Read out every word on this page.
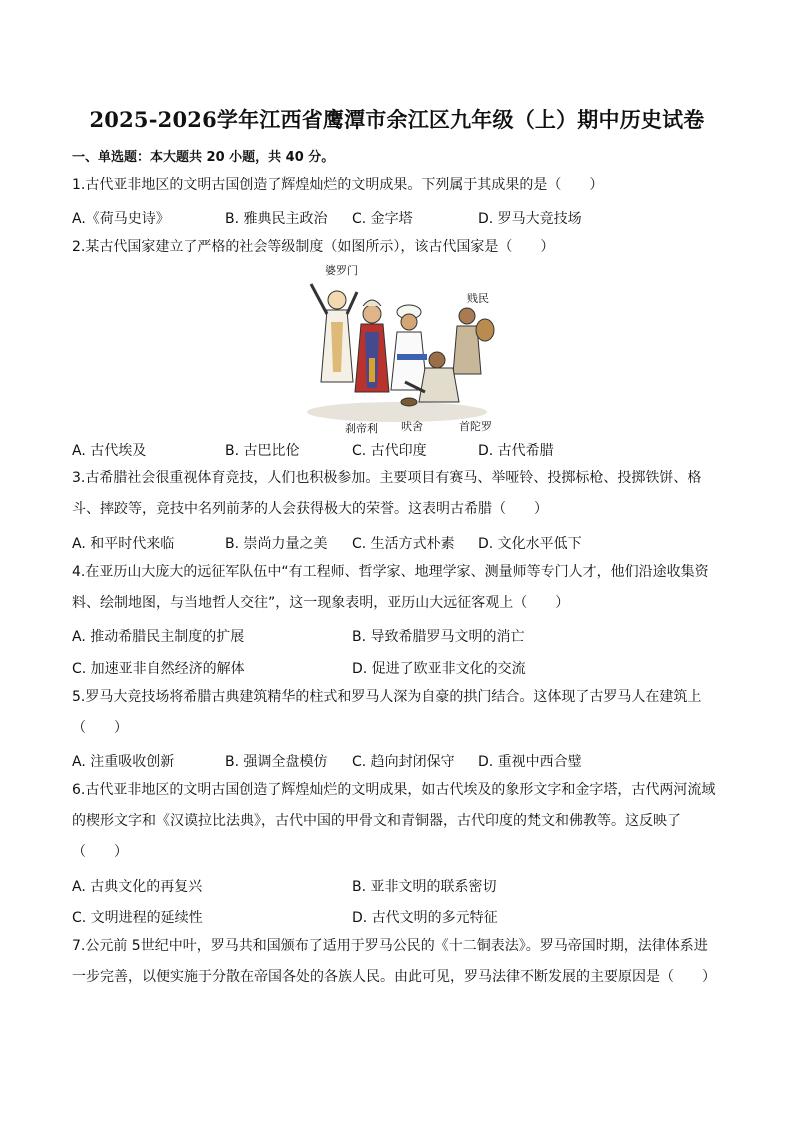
2025-2026学年江西省鹰潭市余江区九年级（上）期中历史试卷
一、单选题：本大题共 20 小题，共 40 分。
1.古代亚非地区的文明古国创造了辉煌灿烂的文明成果。下列属于其成果的是（　　）
A.《荷马史诗》	B. 雅典民主政治 C. 金字塔	D. 罗马大竞技场
2.某古代国家建立了严格的社会等级制度（如图所示），该古代国家是（　　）
婆罗门
贱民
刹帝利 吠舍	首陀罗
A. 古代埃及	B. 古巴比伦	C. 古代印度	D. 古代希腊
3.古希腊社会很重视体育竞技，人们也积极参加。主要项目有赛马、举哑铃、投掷标枪、投掷铁饼、格
斗、摔跤等，竞技中名列前茅的人会获得极大的荣誉。这表明古希腊（　　）
A. 和平时代来临	B. 崇尚力量之美 C. 生活方式朴素 D. 文化水平低下
4.在亚历山大庞大的远征军队伍中“有工程师、哲学家、地理学家、测量师等专门人才，他们沿途收集资
料、绘制地图，与当地哲人交往”，这一现象表明，亚历山大远征客观上（　　）
A. 推动希腊民主制度的扩展	B. 导致希腊罗马文明的消亡
C. 加速亚非自然经济的解体	D. 促进了欧亚非文化的交流
5.罗马大竞技场将希腊古典建筑精华的柱式和罗马人深为自豪的拱门结合。这体现了古罗马人在建筑上
（　　）
A. 注重吸收创新	B. 强调全盘模仿 C. 趋向封闭保守 D. 重视中西合璧
6.古代亚非地区的文明古国创造了辉煌灿烂的文明成果，如古代埃及的象形文字和金字塔，古代两河流域
的楔形文字和《汉谟拉比法典》，古代中国的甲骨文和青铜器，古代印度的梵文和佛教等。这反映了
（　　）
A. 古典文化的再复兴	B. 亚非文明的联系密切
C. 文明进程的延续性	D. 古代文明的多元特征
7.公元前 5世纪中叶，罗马共和国颁布了适用于罗马公民的《十二铜表法》。罗马帝国时期，法律体系进
一步完善，以便实施于分散在帝国各处的各族人民。由此可见，罗马法律不断发展的主要原因是（　　）
